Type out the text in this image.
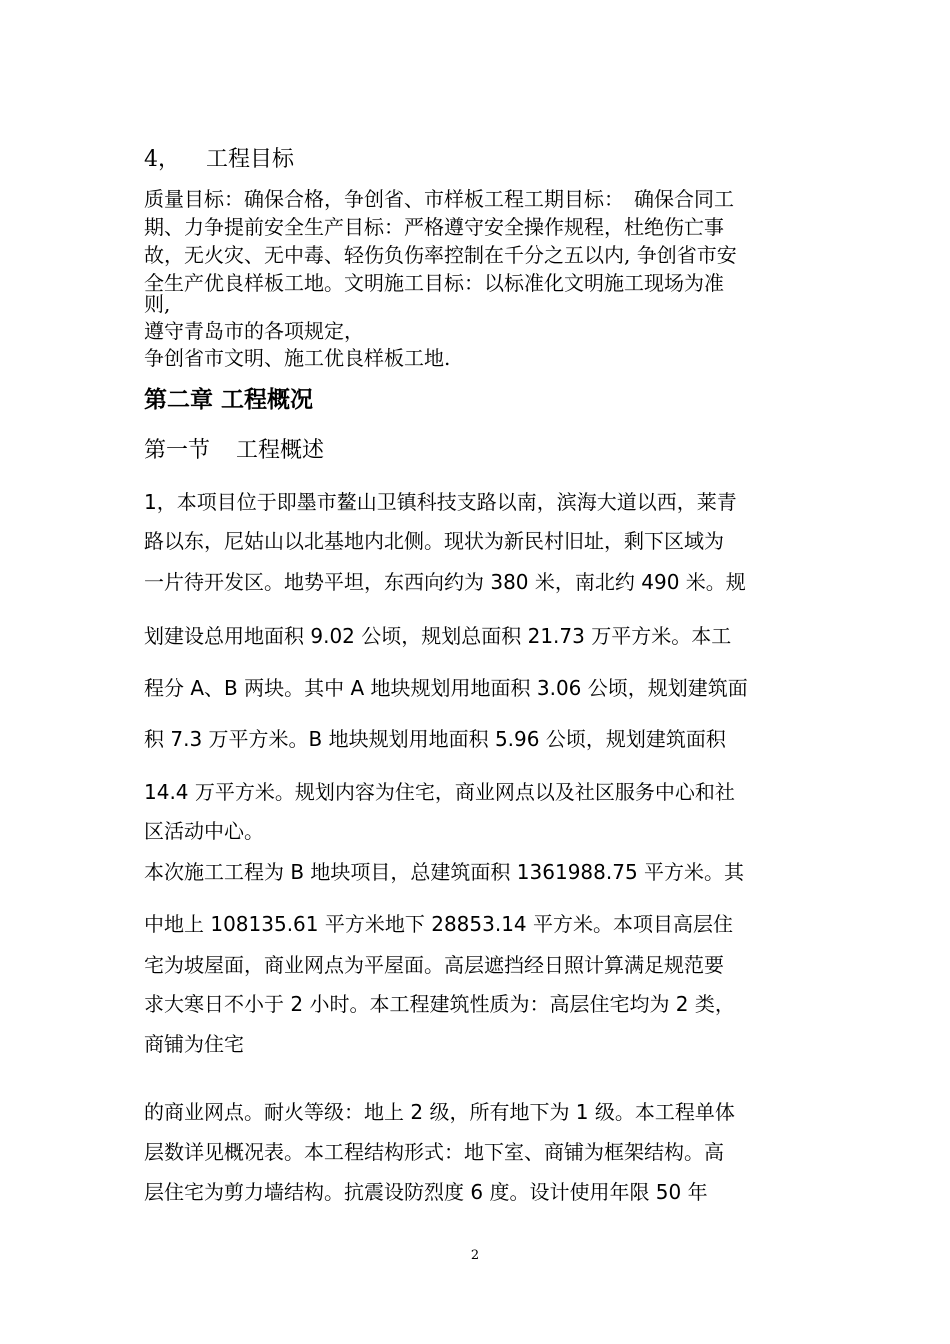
4， 工程目标
质量目标：确保合格，争创省、市样板工程工期目标：　确保合同工
期、力争提前安全生产目标：严格遵守安全操作规程，杜绝伤亡事
故，无火灾、无中毒、轻伤负伤率控制在千分之五以内, 争创省市安
全生产优良样板工地。文明施工目标：以标准化文明施工现场为准
则,
遵守青岛市的各项规定，
争创省市文明、施工优良样板工地.
第二章 工程概况
第一节 工程概述
1，本项目位于即墨市鳌山卫镇科技支路以南，滨海大道以西，莱青
路以东，尼姑山以北基地内北侧。现状为新民村旧址，剩下区域为
一片待开发区。地势平坦，东西向约为 380 米，南北约 490 米。规
划建设总用地面积 9.02 公顷，规划总面积 21.73 万平方米。本工
程分 A、B 两块。其中 A 地块规划用地面积 3.06 公顷，规划建筑面
积 7.3 万平方米。B 地块规划用地面积 5.96 公顷，规划建筑面积
14.4 万平方米。规划内容为住宅，商业网点以及社区服务中心和社
区活动中心。
本次施工工程为 B 地块项目，总建筑面积 1361988.75 平方米。其
中地上 108135.61 平方米地下 28853.14 平方米。本项目高层住
宅为坡屋面，商业网点为平屋面。高层遮挡经日照计算满足规范要
求大寒日不小于 2 小时。本工程建筑性质为：高层住宅均为 2 类，
商铺为住宅
的商业网点。耐火等级：地上 2 级，所有地下为 1 级。本工程单体
层数详见概况表。本工程结构形式：地下室、商铺为框架结构。高
层住宅为剪力墙结构。抗震设防烈度 6 度。设计使用年限 50 年
2
